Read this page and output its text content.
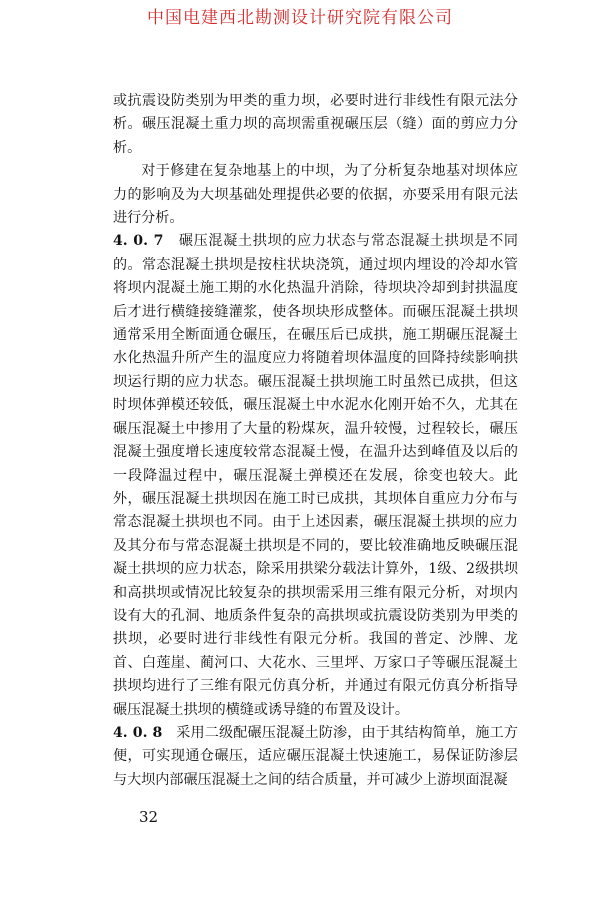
中国电建西北勘测设计研究院有限公司

或抗震设防类别为甲类的重力坝，必要时进行非线性有限元法分析。碾压混凝土重力坝的高坝需重视碾压层（缝）面的剪应力分析。

对于修建在复杂地基上的中坝，为了分析复杂地基对坝体应力的影响及为大坝基础处理提供必要的依据，亦要采用有限元法进行分析。

4. 0. 7 碾压混凝土拱坝的应力状态与常态混凝土拱坝是不同的。常态混凝土拱坝是按柱状块浇筑，通过坝内埋设的冷却水管将坝内混凝土施工期的水化热温升消除，待坝块冷却到封拱温度后才进行横缝接缝灌浆，使各坝块形成整体。而碾压混凝土拱坝通常采用全断面通仓碾压，在碾压后已成拱，施工期碾压混凝土水化热温升所产生的温度应力将随着坝体温度的回降持续影响拱坝运行期的应力状态。碾压混凝土拱坝施工时虽然已成拱，但这时坝体弹模还较低，碾压混凝土中水泥水化刚开始不久，尤其在碾压混凝土中掺用了大量的粉煤灰，温升较慢，过程较长，碾压混凝土强度增长速度较常态混凝土慢，在温升达到峰值及以后的一段降温过程中，碾压混凝土弹模还在发展，徐变也较大。此外，碾压混凝土拱坝因在施工时已成拱，其坝体自重应力分布与常态混凝土拱坝也不同。由于上述因素，碾压混凝土拱坝的应力及其分布与常态混凝土拱坝是不同的，要比较准确地反映碾压混凝土拱坝的应力状态，除采用拱梁分载法计算外，1级、2级拱坝和高拱坝或情况比较复杂的拱坝需采用三维有限元分析，对坝内设有大的孔洞、地质条件复杂的高拱坝或抗震设防类别为甲类的拱坝，必要时进行非线性有限元分析。我国的普定、沙牌、龙首、白莲崖、蔺河口、大花水、三里坪、万家口子等碾压混凝土拱坝均进行了三维有限元仿真分析，并通过有限元仿真分析指导碾压混凝土拱坝的横缝或诱导缝的布置及设计。

4. 0. 8 采用二级配碾压混凝土防渗，由于其结构简单，施工方便，可实现通仓碾压，适应碾压混凝土快速施工，易保证防渗层与大坝内部碾压混凝土之间的结合质量，并可减少上游坝面混凝

32
